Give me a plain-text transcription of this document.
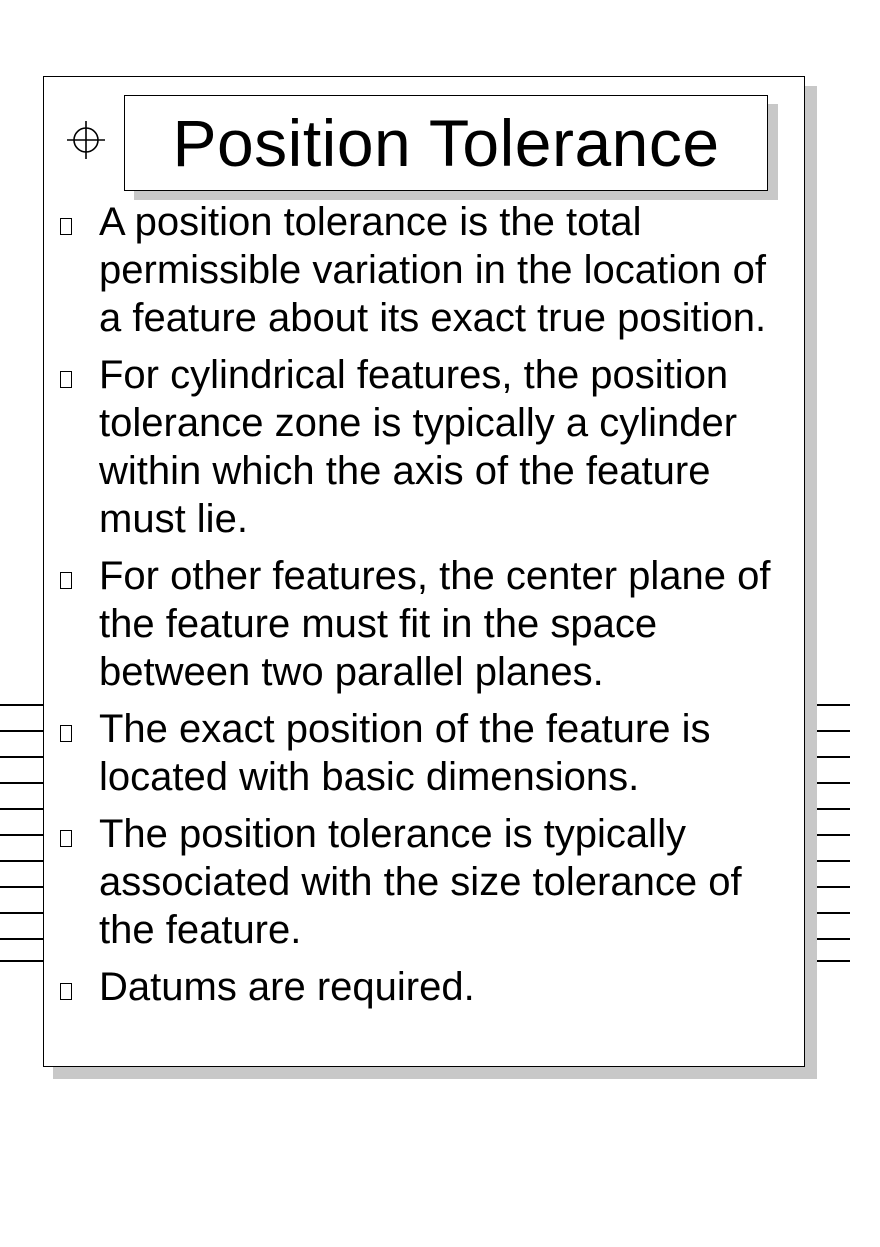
Position Tolerance
A position tolerance is the total permissible variation in the location of a feature about its exact true position.
For cylindrical features, the position tolerance zone is typically a cylinder within which the axis of the feature must lie.
For other features, the center plane of the feature must fit in the space between two parallel planes.
The exact position of the feature is located with basic dimensions.
The position tolerance is typically associated with the size tolerance of the feature.
Datums are required.
